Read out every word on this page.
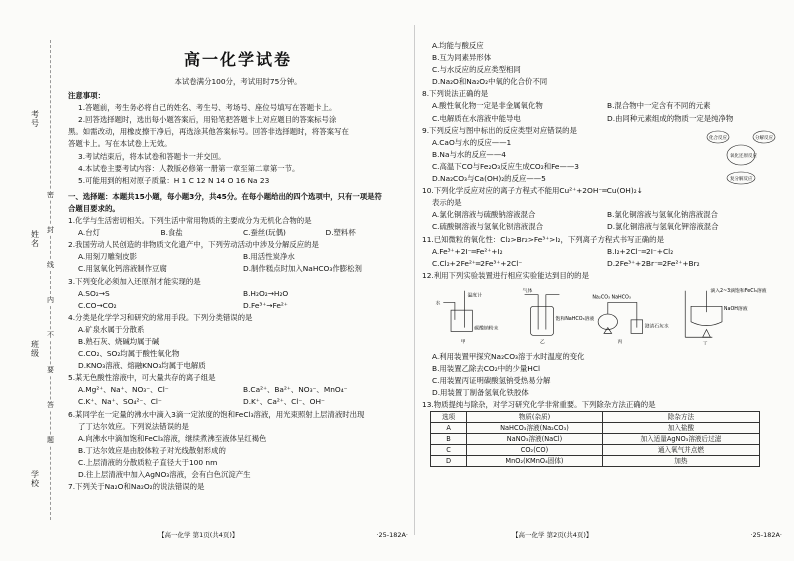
考号
姓名
班级
学校
密
封
线
内
不
要
答
题
高一化学试卷
本试卷满分100分，考试用时75分钟。
注意事项：
1.答题前，考生务必将自己的姓名、考生号、考场号、座位号填写在答题卡上。
2.回答选择题时，选出每小题答案后，用铅笔把答题卡上对应题目的答案标号涂
黑。如需改动，用橡皮擦干净后，再选涂其他答案标号。回答非选择题时，将答案写在
答题卡上。写在本试卷上无效。
3.考试结束后，将本试卷和答题卡一并交回。
4.本试卷主要考试内容：人教版必修第一册第一章至第二章第一节。
5.可能用到的相对原子质量：H 1 C 12 N 14 O 16 Na 23
一、选择题：本题共15小题，每小题3分，共45分。在每小题给出的四个选项中，只有一项是符
合题目要求的。
1.化学与生活密切相关。下列生活中常用物质的主要成分为无机化合物的是
A.台灯	B.食盐	C.蚕丝(玩偶)	D.塑料杯
2.我国劳动人民创造的非物质文化遗产中，下列劳动活动中涉及分解反应的是
A.用刻刀雕刻皮影	B.用活性炭净水
C.用氢氧化钙溶液制作豆腐	D.制作糕点时加入NaHCO₃作膨松剂
3.下列变化必须加入还原剂才能实现的是
A.SO₂→S	B.H₂O₂→H₂O
C.CO→CO₂	D.Fe³⁺→Fe²⁺
4.分类是化学学习和研究的常用手段。下列分类错误的是
A.矿泉水属于分散系
B.熟石灰、烧碱均属于碱
C.CO₂、SO₂均属于酸性氧化物
D.KNO₃溶液、熔融KNO₃均属于电解质
5.某无色酸性溶液中，可大量共存的离子组是
A.Mg²⁺、Na⁺、NO₃⁻、Cl⁻	B.Ca²⁺、Ba²⁺、NO₃⁻、MnO₄⁻
C.K⁺、Na⁺、SO₄²⁻、Cl⁻	D.K⁺、Ca²⁺、Cl⁻、OH⁻
6.某同学在一定量的沸水中滴入3滴一定浓度的饱和FeCl₃溶液，用光束照射上层清液时出现
了丁达尔效应。下列说法错误的是
A.向沸水中滴加饱和FeCl₃溶液，继续煮沸至液体呈红褐色
B.丁达尔效应是由胶体粒子对光线散射形成的
C.上层清液的分散质粒子直径大于100 nm
D.往上层清液中加入AgNO₃溶液，会有白色沉淀产生
7.下列关于Na₂O和Na₂O₂的说法错误的是
【高一化学 第1页(共4页)】	·25-182A·
A.均能与酸反应
B.互为同素异形体
C.与水反应的反应类型相同
D.Na₂O和Na₂O₂中氧的化合价不同
8.下列说法正确的是
A.酸性氧化物一定是非金属氧化物	B.混合物中一定含有不同的元素
C.电解质在水溶液中能导电	D.由同种元素组成的物质一定是纯净物
9.下列反应与图中标出的反应类型对应错误的是
A.CaO与水的反应——1
B.Na与水的反应——4
C.高温下CO与Fe₂O₃反应生成CO₂和Fe——3
D.Na₂CO₃与Ca(OH)₂的反应——5
10.下列化学反应对应的离子方程式不能用Cu²⁺+2OH⁻═Cu(OH)₂↓
表示的是
A.氯化铜溶液与硫酸钠溶液混合	B.氯化铜溶液与氢氧化钠溶液混合
C.硫酸铜溶液与氢氧化钡溶液混合	D.氯化铜溶液与氢氧化钾溶液混合
11.已知微粒的氧化性：Cl₂>Br₂>Fe³⁺>I₂，下列离子方程式书写正确的是
A.Fe³⁺+2I⁻═Fe²⁺+I₂	B.I₂+2Cl⁻═2I⁻+Cl₂
C.Cl₂+2Fe²⁺═2Fe³⁺+2Cl⁻	D.2Fe³⁺+2Br⁻═2Fe²⁺+Br₂
12.利用下列实验装置进行相应实验能达到目的的是
水
温度计
碳酸钠粉末
甲
气体
饱和NaHCO₃溶液
乙
Na₂CO₃ NaHCO₃
澄清石灰水
丙
滴入2~3滴饱和FeCl₃溶液
NaOH溶液
丁
A.利用装置甲探究Na₂CO₃溶于水时温度的变化
B.用装置乙除去CO₂中的少量HCl
C.用装置丙证明碳酸氢钠受热易分解
D.用装置丁制备氢氧化铁胶体
13.物质提纯与除杂，对学习研究化学非常重要。下列除杂方法正确的是
选项	物质(杂质)	除杂方法
A	NaHCO₃溶液(Na₂CO₃)	加入盐酸
B	NaNO₃溶液(NaCl)	加入适量AgNO₃溶液后过滤
C	CO₂(CO)	通入氧气并点燃
D	MnO₂(KMnO₄固体)	加热
【高一化学 第2页(共4页)】	·25-182A·
化合反应	分解反应
复分解反应
氧化还原反应
